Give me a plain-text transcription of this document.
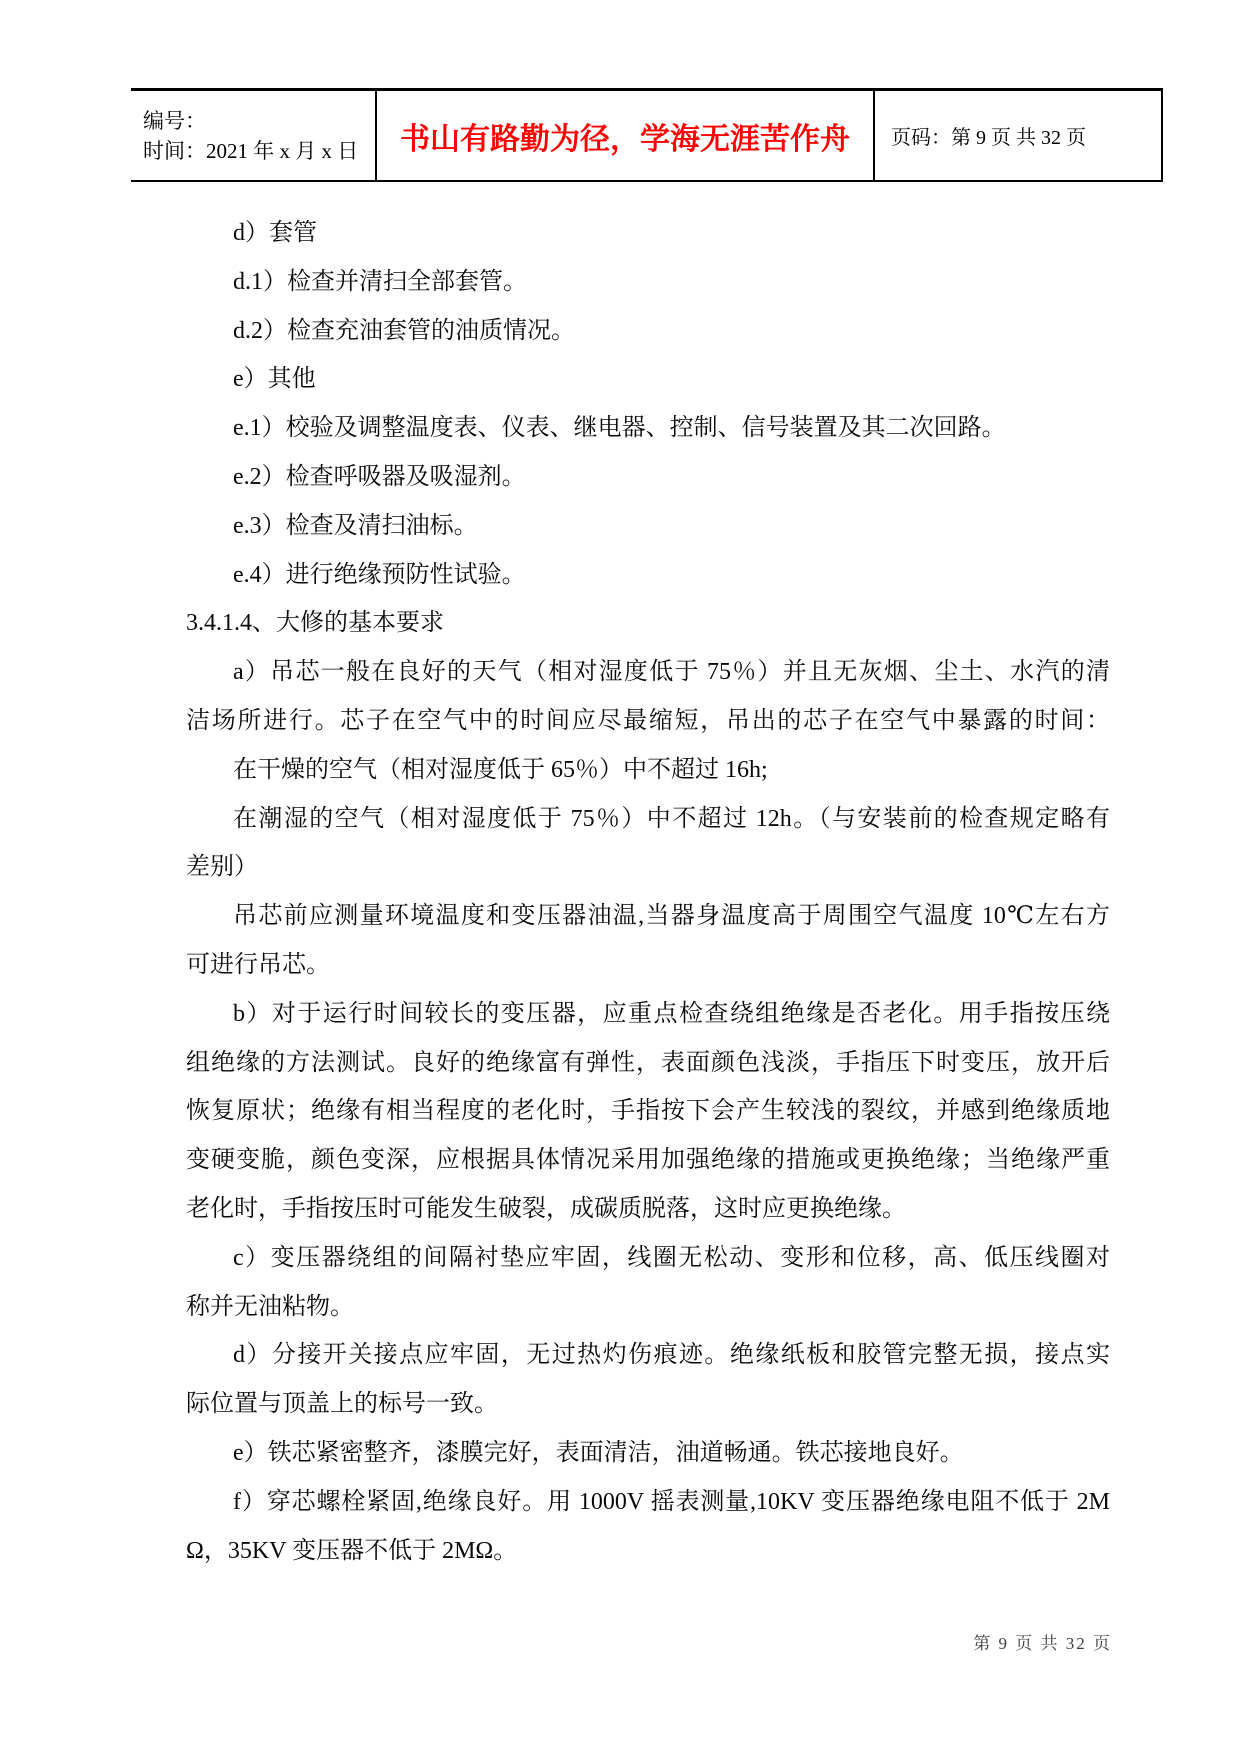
编号：
时间：2021 年 x 月 x 日	书山有路勤为径，学海无涯苦作舟 页码：第 9 页 共 32 页
d）套管
d.1）检查并清扫全部套管。
d.2）检查充油套管的油质情况。
e）其他
e.1）校验及调整温度表、仪表、继电器、控制、信号装置及其二次回路。
e.2）检查呼吸器及吸湿剂。
e.3）检查及清扫油标。
e.4）进行绝缘预防性试验。
3.4.1.4、大修的基本要求
a）吊芯一般在良好的天气（相对湿度低于 75％）并且无灰烟、尘土、水汽的清
洁场所进行。芯子在空气中的时间应尽最缩短，吊出的芯子在空气中暴露的时间：
在干燥的空气（相对湿度低于 65％）中不超过 16h;
在潮湿的空气（相对湿度低于 75％）中不超过 12h。（与安装前的检查规定略有
差别）
吊芯前应测量环境温度和变压器油温,当器身温度高于周围空气温度 10℃左右方
可进行吊芯。
b）对于运行时间较长的变压器，应重点检查绕组绝缘是否老化。用手指按压绕
组绝缘的方法测试。良好的绝缘富有弹性，表面颜色浅淡，手指压下时变压，放开后
恢复原状；绝缘有相当程度的老化时，手指按下会产生较浅的裂纹，并感到绝缘质地
变硬变脆，颜色变深，应根据具体情况采用加强绝缘的措施或更换绝缘；当绝缘严重
老化时，手指按压时可能发生破裂，成碳质脱落，这时应更换绝缘。
c）变压器绕组的间隔衬垫应牢固，线圈无松动、变形和位移，高、低压线圈对
称并无油粘物。
d）分接开关接点应牢固，无过热灼伤痕迹。绝缘纸板和胶管完整无损，接点实
际位置与顶盖上的标号一致。
e）铁芯紧密整齐，漆膜完好，表面清洁，油道畅通。铁芯接地良好。
f）穿芯螺栓紧固,绝缘良好。用 1000V 摇表测量,10KV 变压器绝缘电阻不低于 2M
Ω，35KV 变压器不低于 2MΩ。
第 9 页 共 32 页
